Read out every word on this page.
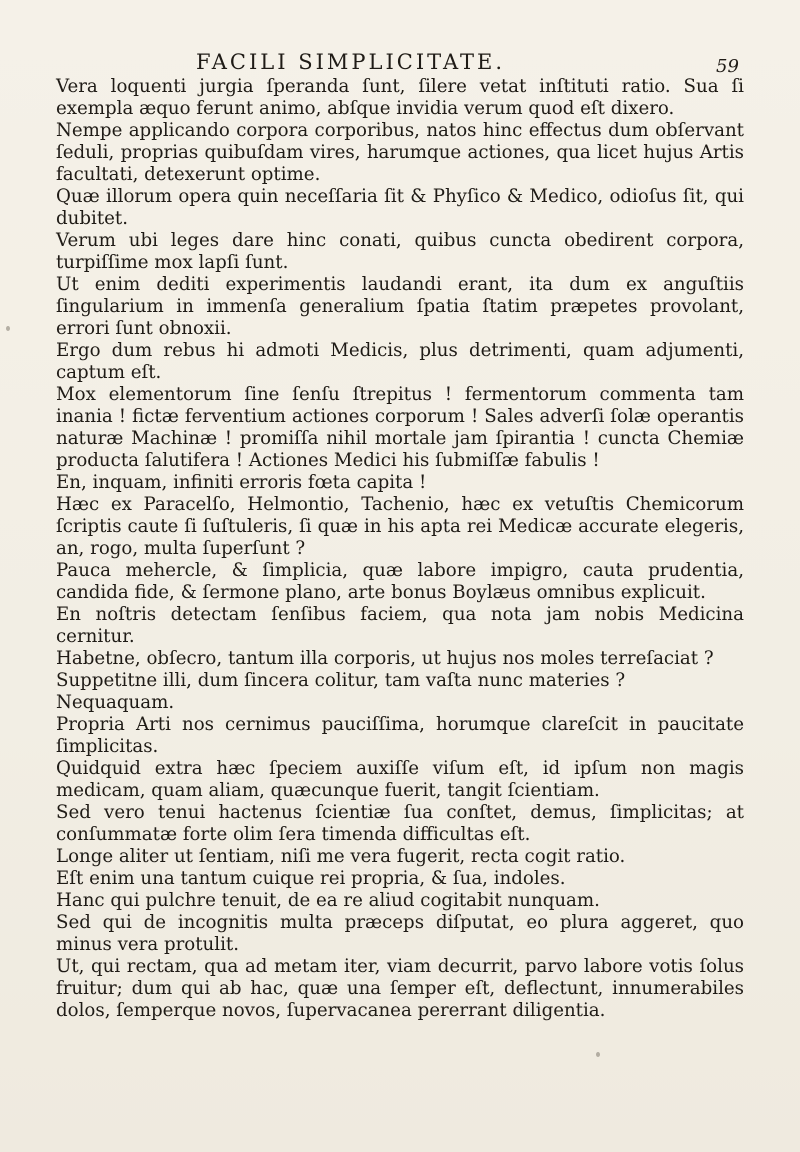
FACILI SIMPLICITATE.	59

Vera loquenti jurgia ſperanda ſunt, ſilere vetat inſtituti ratio. Sua ſi exempla æquo ferunt animo, abſque invidia verum quod eſt dixero.

Nempe applicando corpora corporibus, natos hinc effectus dum obſervant ſeduli, proprias quibuſdam vires, harumque actiones, qua licet hujus Artis facultati, detexerunt optime.

Quæ illorum opera quin neceſſaria ſit & Phyſico & Medico, odioſus ſit, qui dubitet.

Verum ubi leges dare hinc conati, quibus cuncta obedirent corpora, turpiſſime mox lapſi ſunt.

Ut enim dediti experimentis laudandi erant, ita dum ex anguſtiis ſingularium in immenſa generalium ſpatia ſtatim præpetes provolant, errori ſunt obnoxii.

Ergo dum rebus hi admoti Medicis, plus detrimenti, quam adjumenti, captum eſt.

Mox elementorum ſine ſenſu ſtrepitus ! fermentorum commenta tam inania ! fictæ ferventium actiones corporum ! Sales adverſi ſolæ operantis naturæ Machinæ ! promiſſa nihil mortale jam ſpirantia ! cuncta Chemiæ producta ſalutifera ! Actiones Medici his ſubmiſſæ fabulis !

En, inquam, infiniti erroris fœta capita !

Hæc ex Paracelſo, Helmontio, Tachenio, hæc ex vetuſtis Chemicorum ſcriptis caute ſi ſuſtuleris, ſi quæ in his apta rei Medicæ accurate elegeris, an, rogo, multa ſuperſunt ?

Pauca mehercle, & ſimplicia, quæ labore impigro, cauta prudentia, candida fide, & ſermone plano, arte bonus Boylæus omnibus explicuit.

En noſtris detectam ſenſibus faciem, qua nota jam nobis Medicina cernitur.

Habetne, obſecro, tantum illa corporis, ut hujus nos moles terreſaciat ?

Suppetitne illi, dum ſincera colitur, tam vaſta nunc materies ?

Nequaquam.

Propria Arti nos cernimus pauciſſima, horumque clareſcit in paucitate ſimplicitas.

Quidquid extra hæc ſpeciem auxiſſe viſum eſt, id ipſum non magis medicam, quam aliam, quæcunque fuerit, tangit ſcientiam.

Sed vero tenui hactenus ſcientiæ ſua conſtet, demus, ſimplicitas; at conſummatæ forte olim ſera timenda difficultas eſt.

Longe aliter ut ſentiam, niſi me vera fugerit, recta cogit ratio.

Eſt enim una tantum cuique rei propria, & ſua, indoles.

Hanc qui pulchre tenuit, de ea re aliud cogitabit nunquam.

Sed qui de incognitis multa præceps diſputat, eo plura aggeret, quo minus vera protulit.

Ut, qui rectam, qua ad metam iter, viam decurrit, parvo labore votis ſolus fruitur; dum qui ab hac, quæ una ſemper eſt, deflectunt, innumerabiles dolos, ſemperque novos, ſupervacanea pererrant diligentia.
